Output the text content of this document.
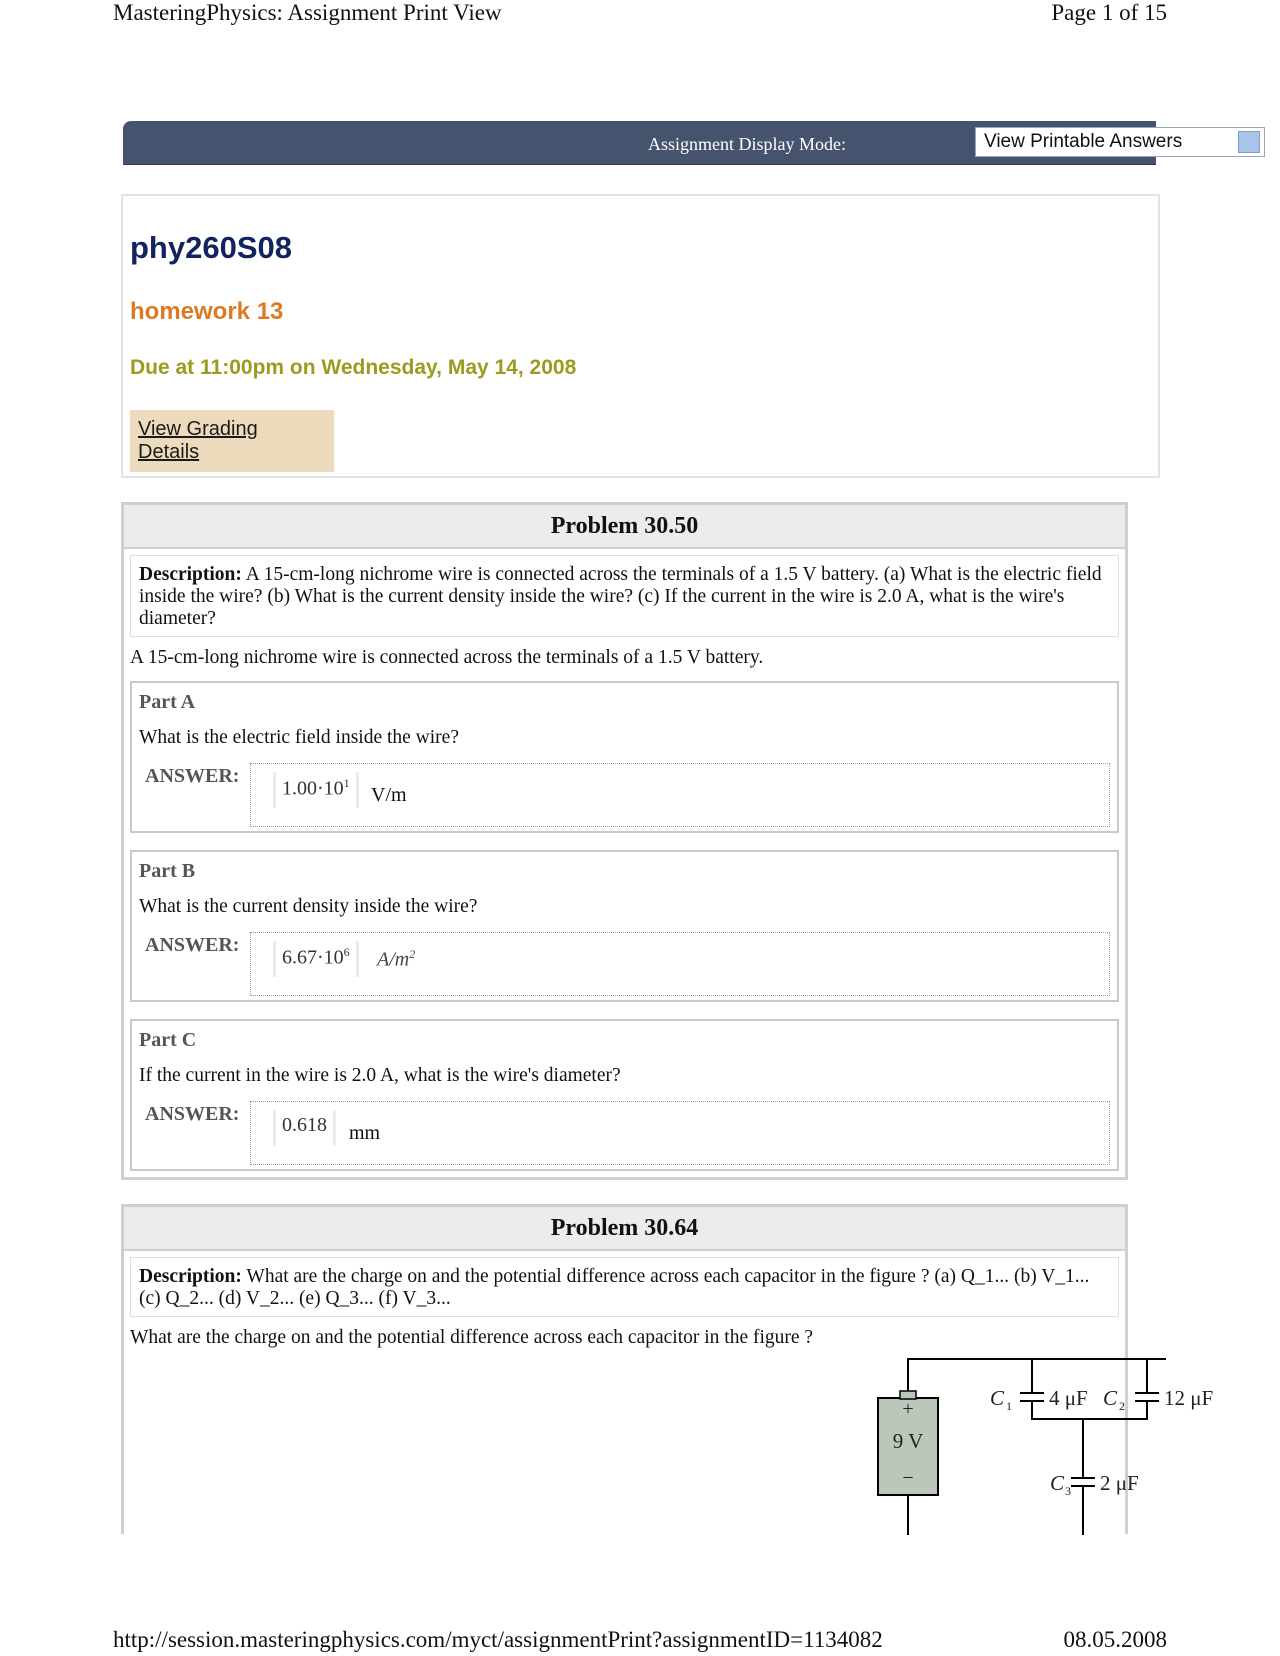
MasteringPhysics: Assignment Print View	Page 1 of 15
Assignment Display Mode:	View Printable Answers
phy260S08
homework 13
Due at 11:00pm on Wednesday, May 14, 2008
View Grading
Details
Problem 30.50
Description: A 15-cm-long nichrome wire is connected across the terminals of a 1.5 V battery. (a) What is the electric field inside the wire? (b) What is the current density inside the wire? (c) If the current in the wire is 2.0 A, what is the wire's diameter?
A 15-cm-long nichrome wire is connected across the terminals of a 1.5 V battery.
Part A
What is the electric field inside the wire?
ANSWER:
$1.00\cdot 10^1$
V/m
Part B
What is the current density inside the wire?
ANSWER:
$6.67\cdot 10^6$	$A/m^2$
Part C
If the current in the wire is 2.0 A, what is the wire's diameter?
ANSWER:	0.618	mm
Problem 30.64
Description: What are the charge on and the potential difference across each capacitor in the figure ? (a) Q_1... (b) V_1... (c) Q_2... (d) V_2... (e) Q_3... (f) V_3...
What are the charge on and the potential difference across each capacitor in the figure ?
+
9 V
−
C 1 4 μF C 2 12 μF
C 3 2 μF
http://session.masteringphysics.com/myct/assignmentPrint?assignmentID=1134082	08.05.2008
